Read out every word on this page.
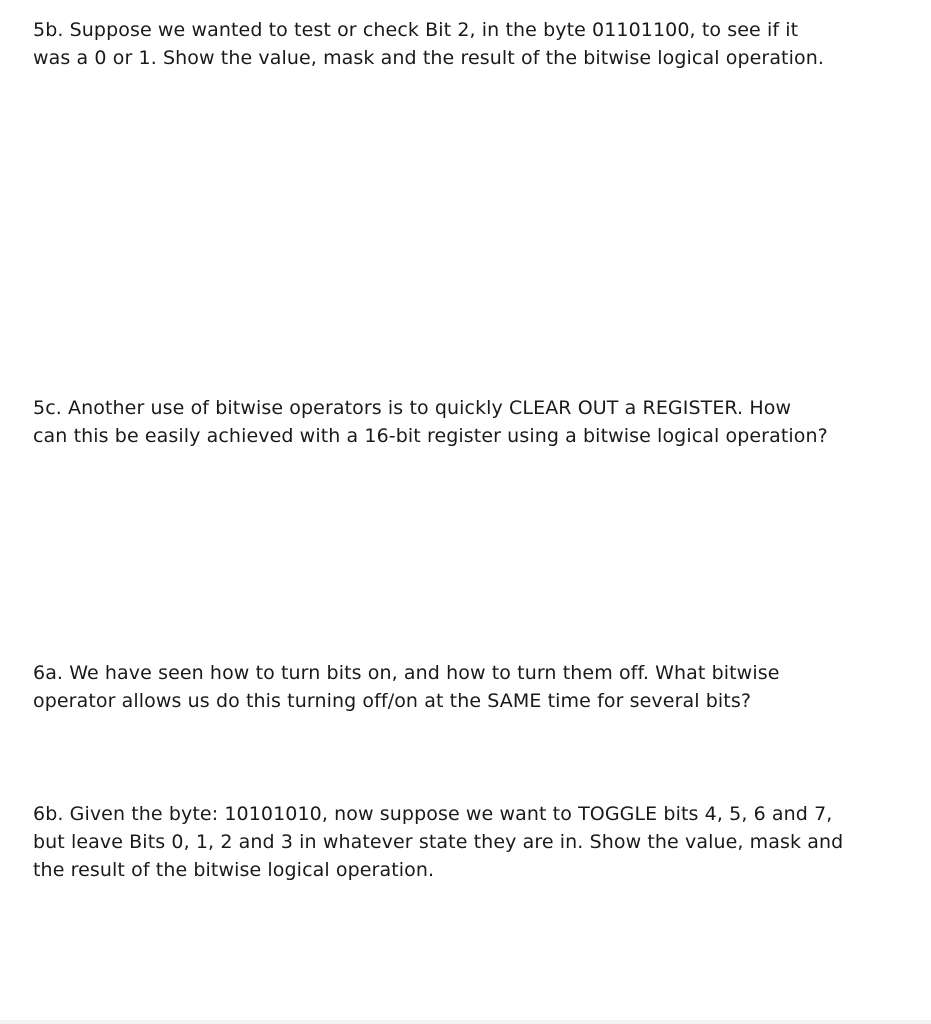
5b. Suppose we wanted to test or check Bit 2, in the byte 01101100, to see if it
was a 0 or 1. Show the value, mask and the result of the bitwise logical operation.

5c. Another use of bitwise operators is to quickly CLEAR OUT a REGISTER. How
can this be easily achieved with a 16-bit register using a bitwise logical operation?

6a. We have seen how to turn bits on, and how to turn them off. What bitwise
operator allows us do this turning off/on at the SAME time for several bits?

6b. Given the byte: 10101010, now suppose we want to TOGGLE bits 4, 5, 6 and 7,
but leave Bits 0, 1, 2 and 3 in whatever state they are in. Show the value, mask and
the result of the bitwise logical operation.
